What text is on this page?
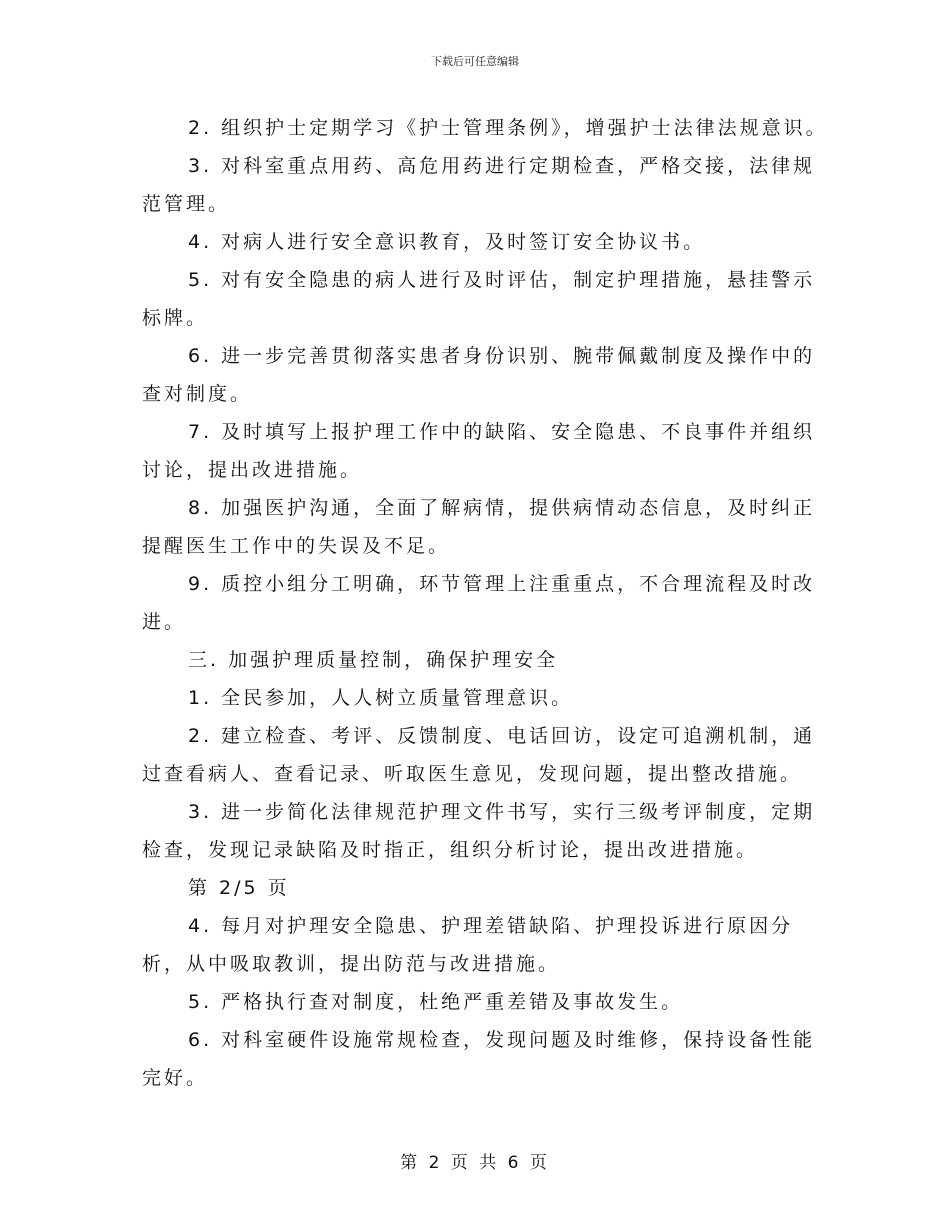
下载后可任意编辑

2. 组织护士定期学习《护士管理条例》，增强护士法律法规意识。

3. 对科室重点用药、高危用药进行定期检查，严格交接，法律规范管理。

4. 对病人进行安全意识教育，及时签订安全协议书。

5. 对有安全隐患的病人进行及时评估，制定护理措施，悬挂警示标牌。

6. 进一步完善贯彻落实患者身份识别、腕带佩戴制度及操作中的查对制度。

7. 及时填写上报护理工作中的缺陷、安全隐患、不良事件并组织讨论，提出改进措施。

8. 加强医护沟通，全面了解病情，提供病情动态信息，及时纠正提醒医生工作中的失误及不足。

9. 质控小组分工明确，环节管理上注重重点，不合理流程及时改进。

三. 加强护理质量控制，确保护理安全

1. 全民参加，人人树立质量管理意识。

2. 建立检查、考评、反馈制度、电话回访，设定可追溯机制，通过查看病人、查看记录、听取医生意见，发现问题，提出整改措施。

3. 进一步简化法律规范护理文件书写，实行三级考评制度，定期检查，发现记录缺陷及时指正，组织分析讨论，提出改进措施。

第 2/5 页

4. 每月对护理安全隐患、护理差错缺陷、护理投诉进行原因分析，从中吸取教训，提出防范与改进措施。

5. 严格执行查对制度，杜绝严重差错及事故发生。

6. 对科室硬件设施常规检查，发现问题及时维修，保持设备性能完好。

第 2 页 共 6 页
